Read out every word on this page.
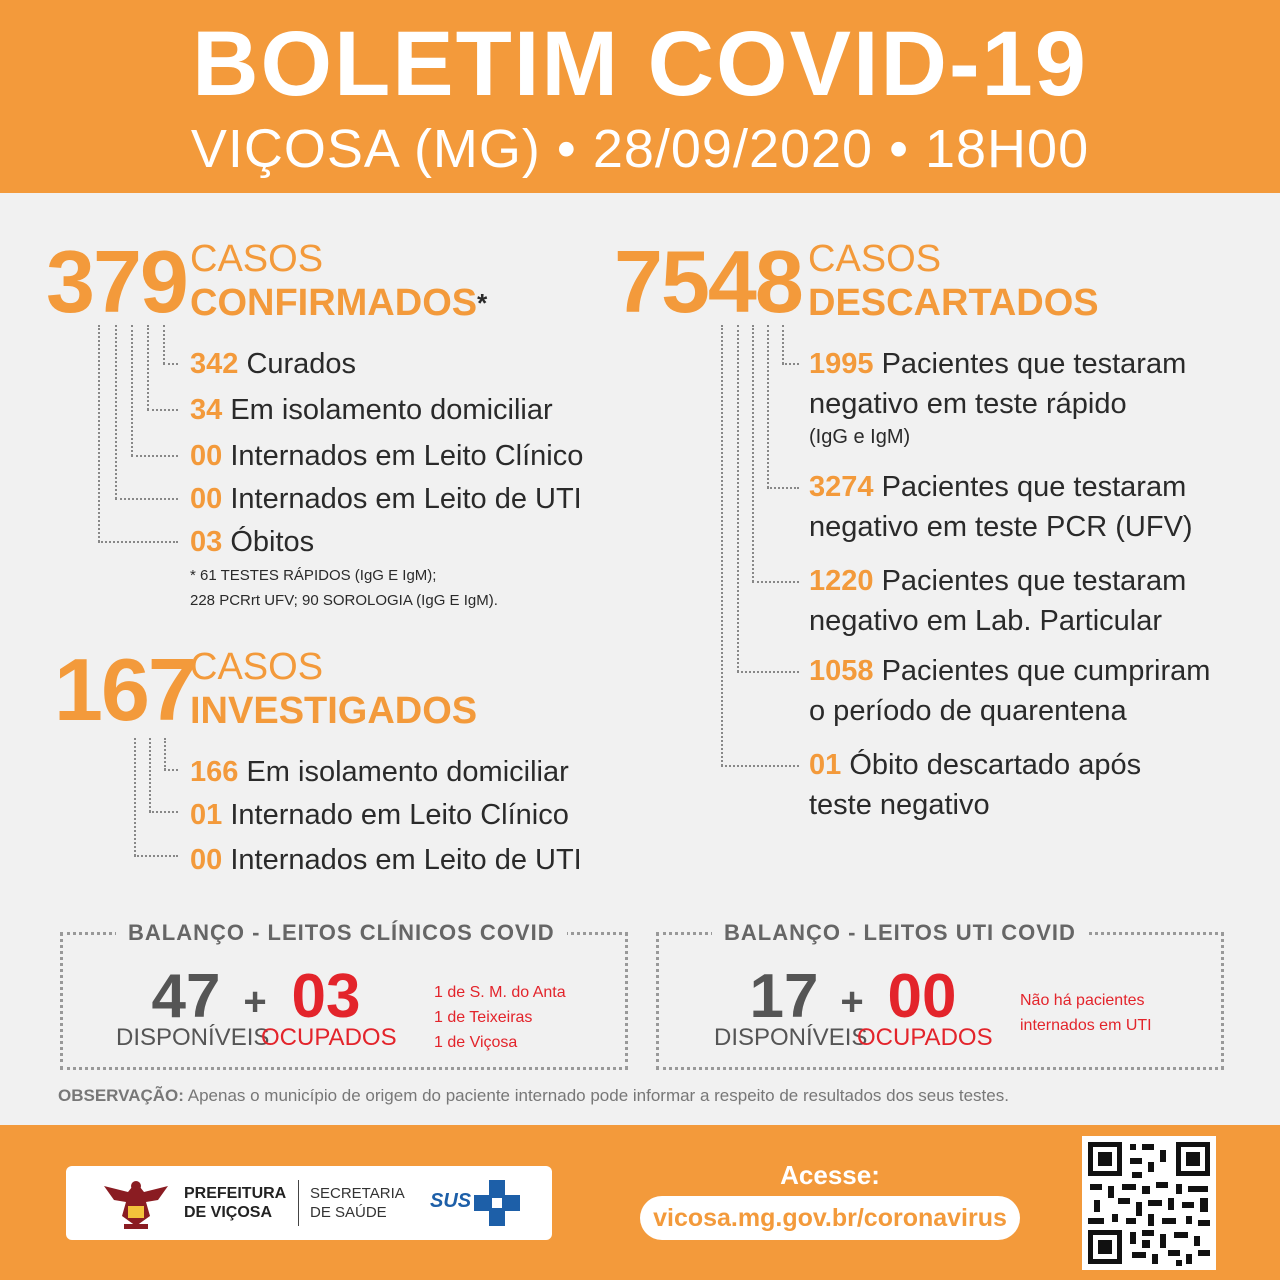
BOLETIM COVID-19
VIÇOSA (MG) • 28/09/2020 • 18H00
379 CASOS
CONFIRMADOS*
342 Curados
34 Em isolamento domiciliar
00 Internados em Leito Clínico
00 Internados em Leito de UTI
03 Óbitos
* 61 TESTES RÁPIDOS (IgG E IgM);
228 PCRrt UFV; 90 SOROLOGIA (IgG E IgM).
167
CASOS
INVESTIGADOS
166 Em isolamento domiciliar
01 Internado em Leito Clínico
00 Internados em Leito de UTI
7548 CASOS
DESCARTADOS
1995 Pacientes que testaram
negativo em teste rápido
(IgG e IgM)
3274 Pacientes que testaram
negativo em teste PCR (UFV)
1220 Pacientes que testaram
negativo em Lab. Particular
1058 Pacientes que cumpriram
o período de quarentena
01 Óbito descartado após
teste negativo
BALANÇO - LEITOS CLÍNICOS COVID
47
DISPONÍVEIS
+ 03
OCUPADOS
1 de S. M. do Anta
1 de Teixeiras
1 de Viçosa
BALANÇO - LEITOS UTI COVID
17
DISPONÍVEIS
+ 00
OCUPADOS
Não há pacientes
internados em UTI
OBSERVAÇÃO: Apenas o município de origem do paciente internado pode informar a respeito de resultados dos seus testes.
PREFEITURA
DE VIÇOSA
SECRETARIA
DE SAÚDE
SUS
Acesse:
vicosa.mg.gov.br/coronavirus
